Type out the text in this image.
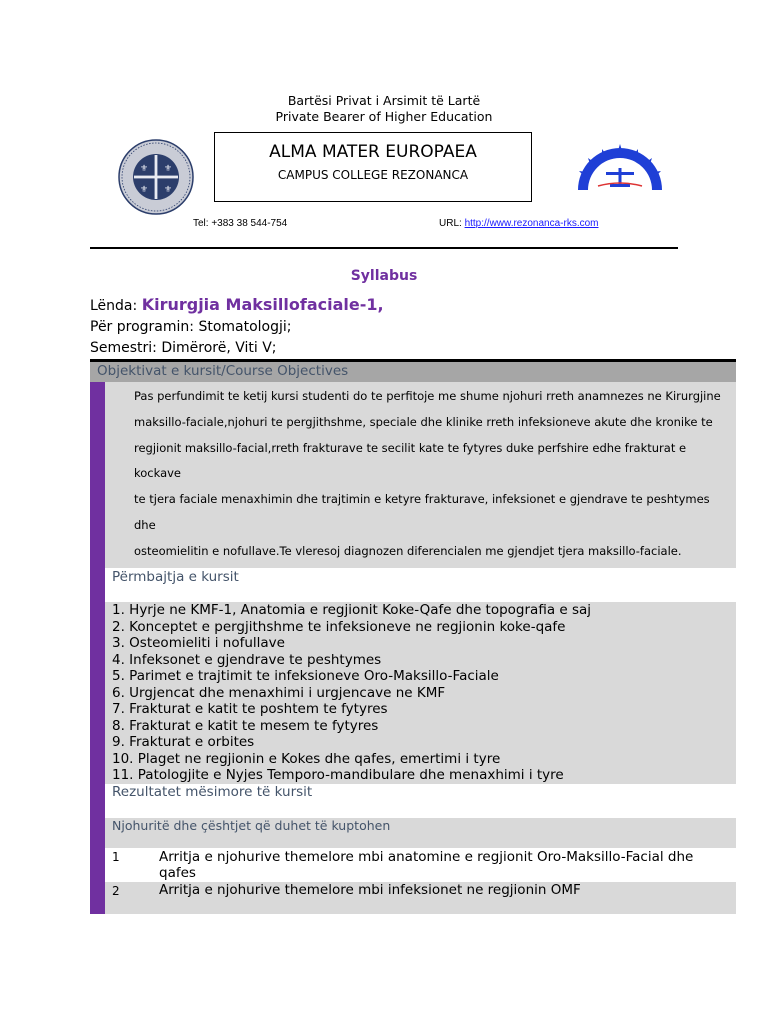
Bartësi Privat i Arsimit të Lartë
Private Bearer of Higher Education
⚜ ⚜
⚜ ⚜
ALMA MATER EUROPAEA
CAMPUS COLLEGE REZONANCA
Tel: +383 38 544-754	URL: http://www.rezonanca-rks.com
Syllabus
Lënda: Kirurgjia Maksillofaciale-1,
Për programin: Stomatologji;
Semestri: Dimërorë, Viti V;
Objektivat e kursit/Course Objectives
Pas perfundimit te ketij kursi studenti do te perfitoje me shume njohuri rreth anamnezes ne Kirurgjine
maksillo-faciale,njohuri te pergjithshme, speciale dhe klinike rreth infeksioneve akute dhe kronike te
regjionit maksillo-facial,rreth frakturave te secilit kate te fytyres duke perfshire edhe frakturat e kockave
te tjera faciale menaxhimin dhe trajtimin e ketyre frakturave, infeksionet e gjendrave te peshtymes dhe
osteomielitin e nofullave.Te vleresoj diagnozen diferencialen me gjendjet tjera maksillo-faciale.
Përmbajtja e kursit
1. Hyrje ne KMF-1, Anatomia e regjionit Koke-Qafe dhe topografia e saj
2. Konceptet e pergjithshme te infeksioneve ne regjionin koke-qafe
3. Osteomieliti i nofullave
4. Infeksonet e gjendrave te peshtymes
5. Parimet e trajtimit te infeksioneve Oro-Maksillo-Faciale
6. Urgjencat dhe menaxhimi i urgjencave ne KMF
7. Frakturat e katit te poshtem te fytyres
8. Frakturat e katit te mesem te fytyres
9. Frakturat e orbites
10. Plaget ne regjionin e Kokes dhe qafes, emertimi i tyre
11. Patologjite e Nyjes Temporo-mandibulare dhe menaxhimi i tyre
Rezultatet mësimore të kursit
Njohuritë dhe çështjet që duhet të kuptohen
1	Arritja e njohurive themelore mbi anatomine e regjionit Oro-Maksillo-Facial dhe qafes
2	Arritja e njohurive themelore mbi infeksionet ne regjionin OMF
